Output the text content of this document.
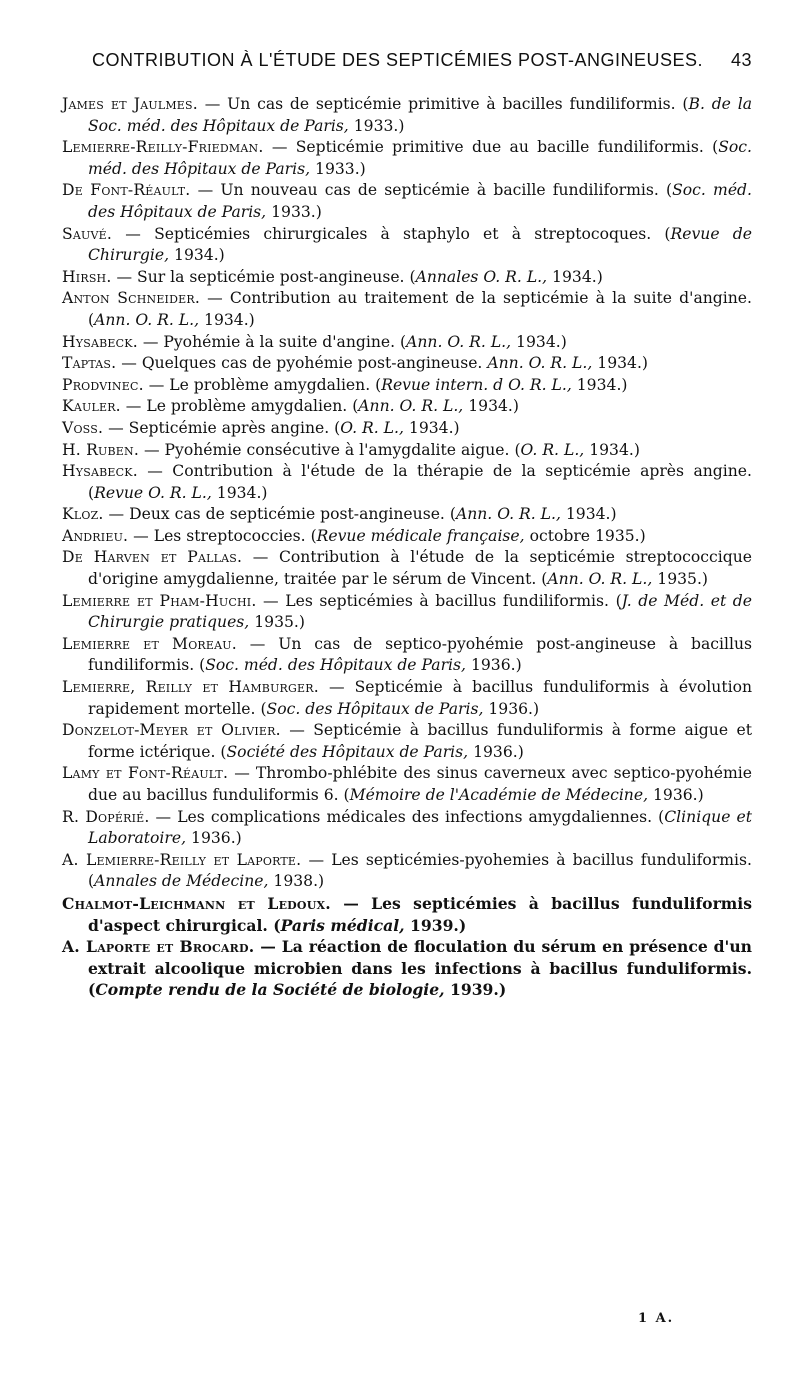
CONTRIBUTION À L'ÉTUDE DES SEPTICÉMIES POST-ANGINEUSES. 43
James et Jaulmes. — Un cas de septicémie primitive à bacilles fundiliformis. (B. de la Soc. méd. des Hôpitaux de Paris, 1933.)
Lemierre-Reilly-Friedman. — Septicémie primitive due au bacille fundiliformis. (Soc. méd. des Hôpitaux de Paris, 1933.)
De Font-Réault. — Un nouveau cas de septicémie à bacille fundiliformis. (Soc. méd. des Hôpitaux de Paris, 1933.)
Sauvé. — Septicémies chirurgicales à staphylo et à streptocoques. (Revue de Chirurgie, 1934.)
Hirsh. — Sur la septicémie post-angineuse. (Annales O. R. L., 1934.)
Anton Schneider. — Contribution au traitement de la septicémie à la suite d'angine. (Ann. O. R. L., 1934.)
Hysabeck. — Pyohémie à la suite d'angine. (Ann. O. R. L., 1934.)
Taptas. — Quelques cas de pyohémie post-angineuse. Ann. O. R. L., 1934.)
Prodvinec. — Le problème amygdalien. (Revue intern. d O. R. L., 1934.)
Kauler. — Le problème amygdalien. (Ann. O. R. L., 1934.)
Voss. — Septicémie après angine. (O. R. L., 1934.)
H. Ruben. — Pyohémie consécutive à l'amygdalite aigue. (O. R. L., 1934.)
Hysabeck. — Contribution à l'étude de la thérapie de la septicémie après angine. (Revue O. R. L., 1934.)
Kloz. — Deux cas de septicémie post-angineuse. (Ann. O. R. L., 1934.)
Andrieu. — Les streptococcies. (Revue médicale française, octobre 1935.)
De Harven et Pallas. — Contribution à l'étude de la septicémie streptococcique d'origine amygdalienne, traitée par le sérum de Vincent. (Ann. O. R. L., 1935.)
Lemierre et Pham-Huchi. — Les septicémies à bacillus fundiliformis. (J. de Méd. et de Chirurgie pratiques, 1935.)
Lemierre et Moreau. — Un cas de septico-pyohémie post-angineuse à bacillus fundiliformis. (Soc. méd. des Hôpitaux de Paris, 1936.)
Lemierre, Reilly et Hamburger. — Septicémie à bacillus funduliformis à évolution rapidement mortelle. (Soc. des Hôpitaux de Paris, 1936.)
Donzelot-Meyer et Olivier. — Septicémie à bacillus funduliformis à forme aigue et forme ictérique. (Société des Hôpitaux de Paris, 1936.)
Lamy et Font-Réault. — Thrombo-phlébite des sinus caverneux avec septico-pyohémie due au bacillus funduliformis 6. (Mémoire de l'Académie de Médecine, 1936.)
R. Dopérié. — Les complications médicales des infections amygdaliennes. (Clinique et Laboratoire, 1936.)
A. Lemierre-Reilly et Laporte. — Les septicémies-pyohemies à bacillus funduliformis. (Annales de Médecine, 1938.)
Chalmot-Leichmann et Ledoux. — Les septicémies à bacillus funduliformis d'aspect chirurgical. (Paris médical, 1939.)
A. Laporte et Brocard. — La réaction de floculation du sérum en présence d'un extrait alcoolique microbien dans les infections à bacillus funduliformis. (Compte rendu de la Société de biologie, 1939.)
1 A.
